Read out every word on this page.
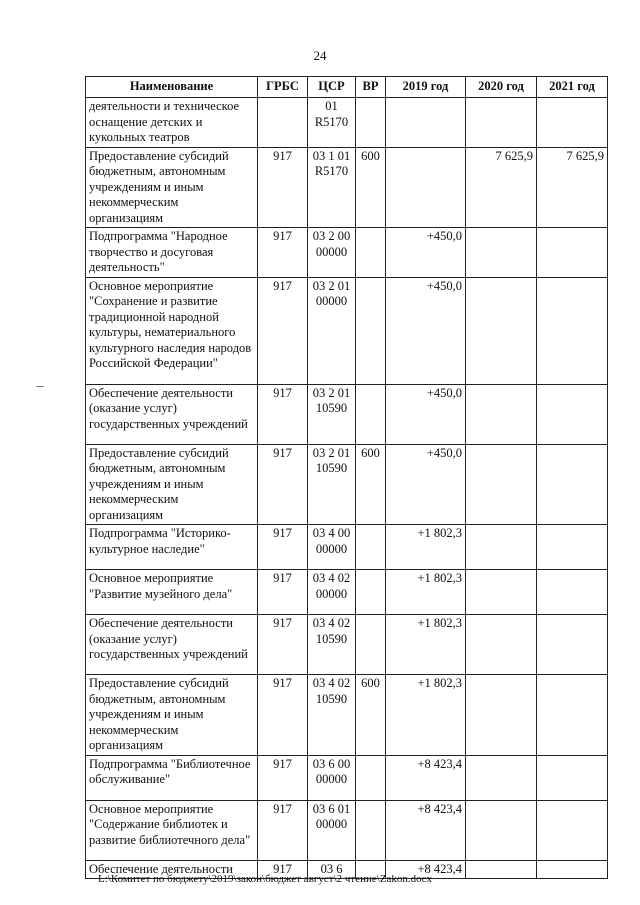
24
Наименование	ГРБС	ЦСР	ВР	2019 год	2020 год	2021 год
деятельности и техническое оснащение детских и кукольных театров		01 R5170				
Предоставление субсидий бюджетным, автономным учреждениям и иным некоммерческим организациям	917	03 1 01 R5170	600		7 625,9	7 625,9
Подпрограмма "Народное творчество и досуговая деятельность"	917	03 2 00 00000		+450,0		
Основное мероприятие "Сохранение и развитие традиционной народной культуры, нематериального культурного наследия народов Российской Федерации"	917	03 2 01 00000		+450,0		
Обеспечение деятельности (оказание услуг) государственных учреждений	917	03 2 01 10590		+450,0		
Предоставление субсидий бюджетным, автономным учреждениям и иным некоммерческим организациям	917	03 2 01 10590	600	+450,0		
Подпрограмма "Историко-культурное наследие"	917	03 4 00 00000		+1 802,3		
Основное мероприятие "Развитие музейного дела"	917	03 4 02 00000		+1 802,3		
Обеспечение деятельности (оказание услуг) государственных учреждений	917	03 4 02 10590		+1 802,3		
Предоставление субсидий бюджетным, автономным учреждениям и иным некоммерческим организациям	917	03 4 02 10590	600	+1 802,3		
Подпрограмма "Библиотечное обслуживание"	917	03 6 00 00000		+8 423,4		
Основное мероприятие "Содержание библиотек и развитие библиотечного дела"	917	03 6 01 00000		+8 423,4		
Обеспечение деятельности	917	03 6		+8 423,4		
L:\Комитет по бюджету\2019\закон\бюджет август\2 чтение\Zakon.docx
